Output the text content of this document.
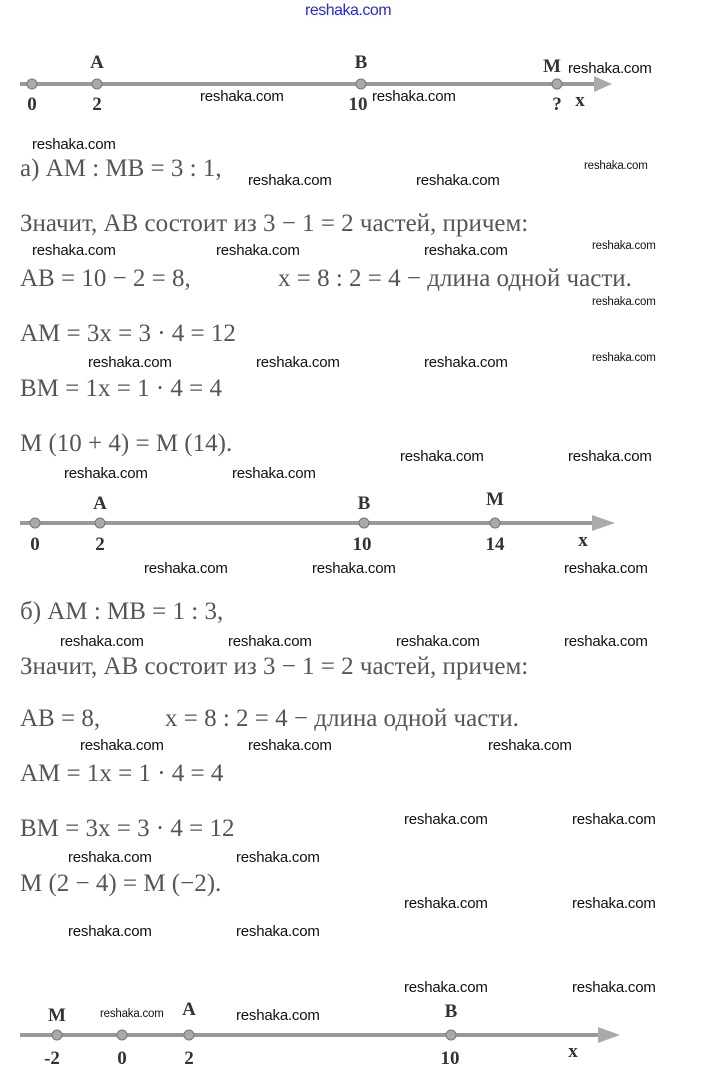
reshaka.com
A	B	M
0	2	10	? x
а) AM : MB = 3 : 1,
Значит, AB состоит из 3 − 1 = 2 частей, причем:
AB = 10 − 2 = 8,	x = 8 : 2 = 4 − длина одной части.
AM = 3x = 3 · 4 = 12
BM = 1x = 1 · 4 = 4
M (10 + 4) = M (14).
A	B	M
0	2	10	14	x
б) AM : MB = 1 : 3,
Значит, AB состоит из 3 − 1 = 2 частей, причем:
AB = 8,	x = 8 : 2 = 4 − длина одной части.
AM = 1x = 1 · 4 = 4
BM = 3x = 3 · 4 = 12
M (2 − 4) = M (−2).
M	A	B
-2	0	2	10	x
reshaka.com
reshaka.com	reshaka.com
reshaka.com
reshaka.com	reshaka.com
reshaka.com
reshaka.com
reshaka.com	reshaka.com	reshaka.com
reshaka.com
reshaka.com
reshaka.com	reshaka.com	reshaka.com
reshaka.com	reshaka.com
reshaka.com	reshaka.com
reshaka.com	reshaka.com	reshaka.com
reshaka.com	reshaka.com	reshaka.com	reshaka.com
reshaka.com	reshaka.com
reshaka.com
reshaka.com	reshaka.com
reshaka.com	reshaka.com
reshaka.com	reshaka.com
reshaka.com	reshaka.com
reshaka.com	reshaka.com
reshaka.com	reshaka.com
